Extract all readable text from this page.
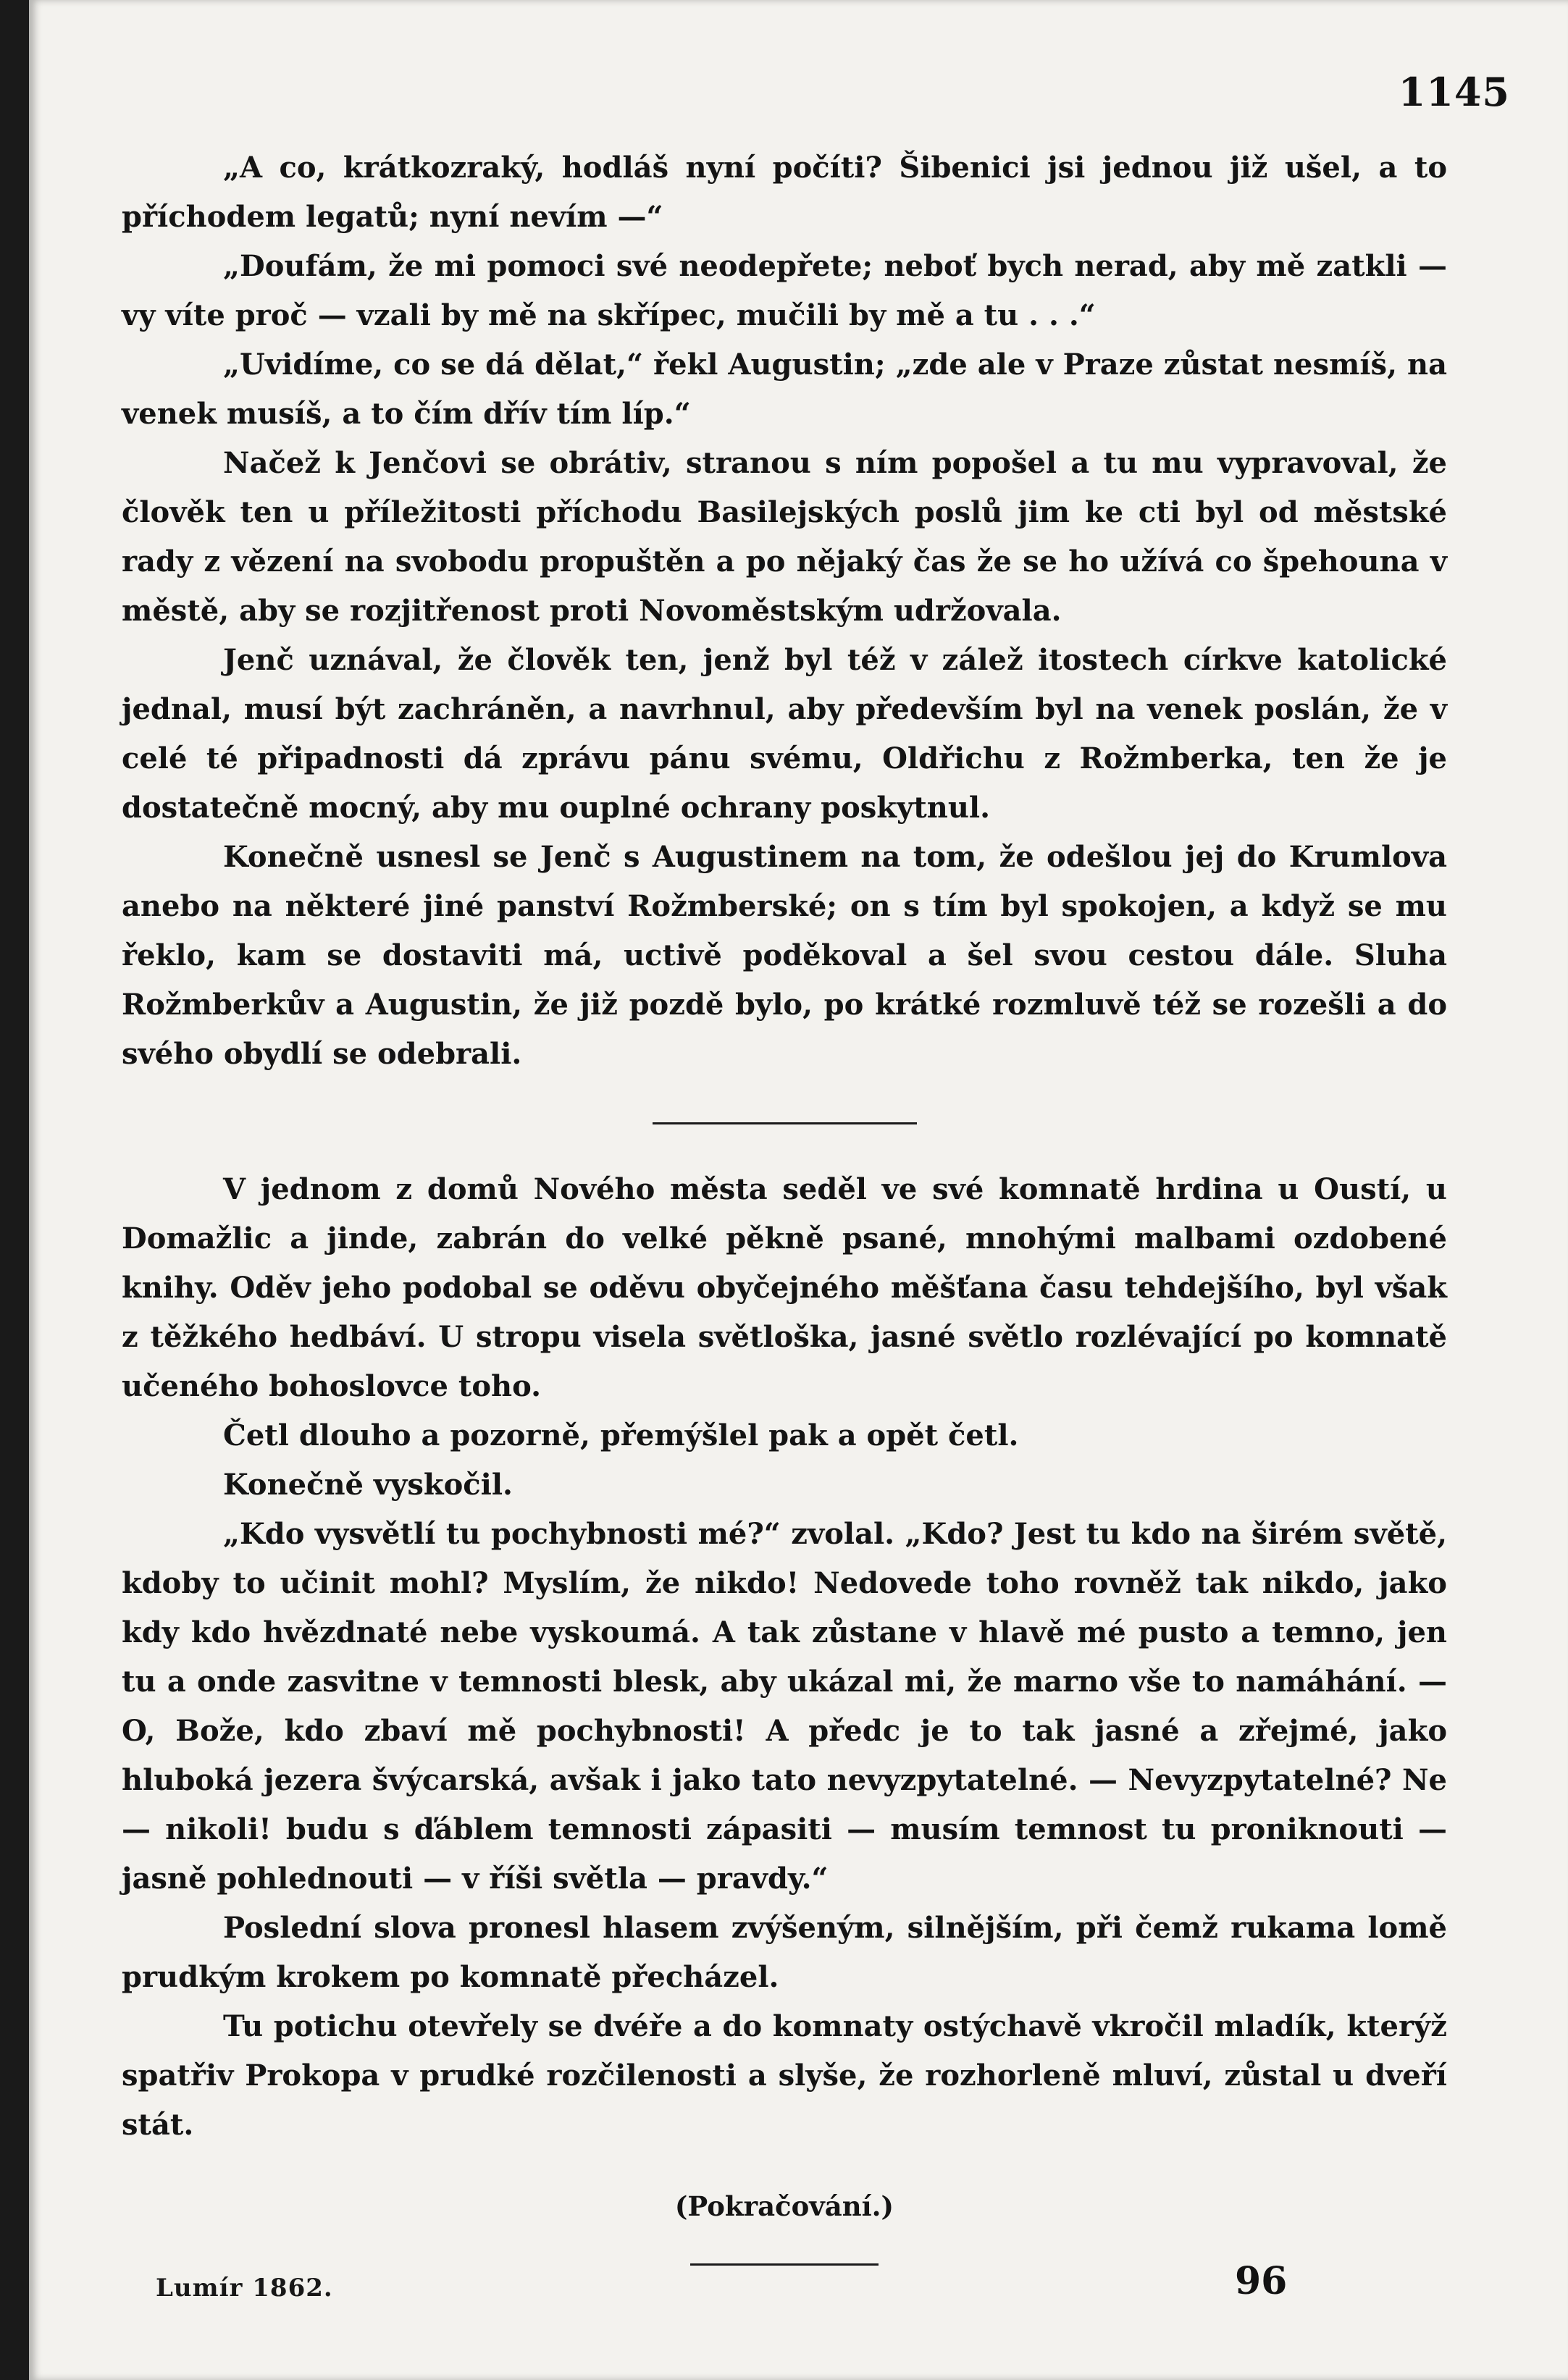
1145

„A co, krátkozraký, hodláš nyní počíti? Šibenici jsi jednou již ušel, a to příchodem legatů; nyní nevím —“

„Doufám, že mi pomoci své neodepřete; neboť bych nerad, aby mě zatkli — vy víte proč — vzali by mě na skřípec, mučili by mě a tu . . .“

„Uvidíme, co se dá dělat,“ řekl Augustin; „zde ale v Praze zůstat nesmíš, na venek musíš, a to čím dřív tím líp.“

Načež k Jenčovi se obrátiv, stranou s ním popošel a tu mu vypravoval, že člověk ten u příležitosti příchodu Basilejských poslů jim ke cti byl od městské rady z vězení na svobodu propuštěn a po nějaký čas že se ho užívá co špehouna v městě, aby se rozjitřenost proti Novoměstským udržovala.

Jenč uznával, že člověk ten, jenž byl též v zálež itostech církve katolické jednal, musí být zachráněn, a navrhnul, aby především byl na venek poslán, že v celé té připadnosti dá zprávu pánu svému, Oldřichu z Rožmberka, ten že je dostatečně mocný, aby mu ouplné ochrany poskytnul.

Konečně usnesl se Jenč s Augustinem na tom, že odešlou jej do Krumlova anebo na některé jiné panství Rožmberské; on s tím byl spokojen, a když se mu řeklo, kam se dostaviti má, uctivě poděkoval a šel svou cestou dále. Sluha Rožmberkův a Augustin, že již pozdě bylo, po krátké rozmluvě též se rozešli a do svého obydlí se odebrali.

V jednom z domů Nového města seděl ve své komnatě hrdina u Oustí, u Domažlic a jinde, zabrán do velké pěkně psané, mnohými malbami ozdobené knihy. Oděv jeho podobal se oděvu obyčejného měšťana času tehdejšího, byl však z těžkého hedbáví. U stropu visela světloška, jasné světlo rozlévající po komnatě učeného bohoslovce toho.

Četl dlouho a pozorně, přemýšlel pak a opět četl.

Konečně vyskočil.

„Kdo vysvětlí tu pochybnosti mé?“ zvolal. „Kdo? Jest tu kdo na širém světě, kdoby to učinit mohl? Myslím, že nikdo! Nedovede toho rovněž tak nikdo, jako kdy kdo hvězdnaté nebe vyskoumá. A tak zůstane v hlavě mé pusto a temno, jen tu a onde zasvitne v temnosti blesk, aby ukázal mi, že marno vše to namáhání. — O, Bože, kdo zbaví mě pochybnosti! A předc je to tak jasné a zřejmé, jako hluboká jezera švýcarská, avšak i jako tato nevyzpytatelné. — Nevyzpytatelné? Ne — nikoli! budu s ďáblem temnosti zápasiti — musím temnost tu proniknouti — jasně pohlednouti — v říši světla — pravdy.“

Poslední slova pronesl hlasem zvýšeným, silnějším, při čemž rukama lomě prudkým krokem po komnatě přecházel.

Tu potichu otevřely se dvéře a do komnaty ostýchavě vkročil mladík, kterýž spatřiv Prokopa v prudké rozčilenosti a slyše, že rozhorleně mluví, zůstal u dveří stát.

(Pokračování.)

Lumír 1862.	96
